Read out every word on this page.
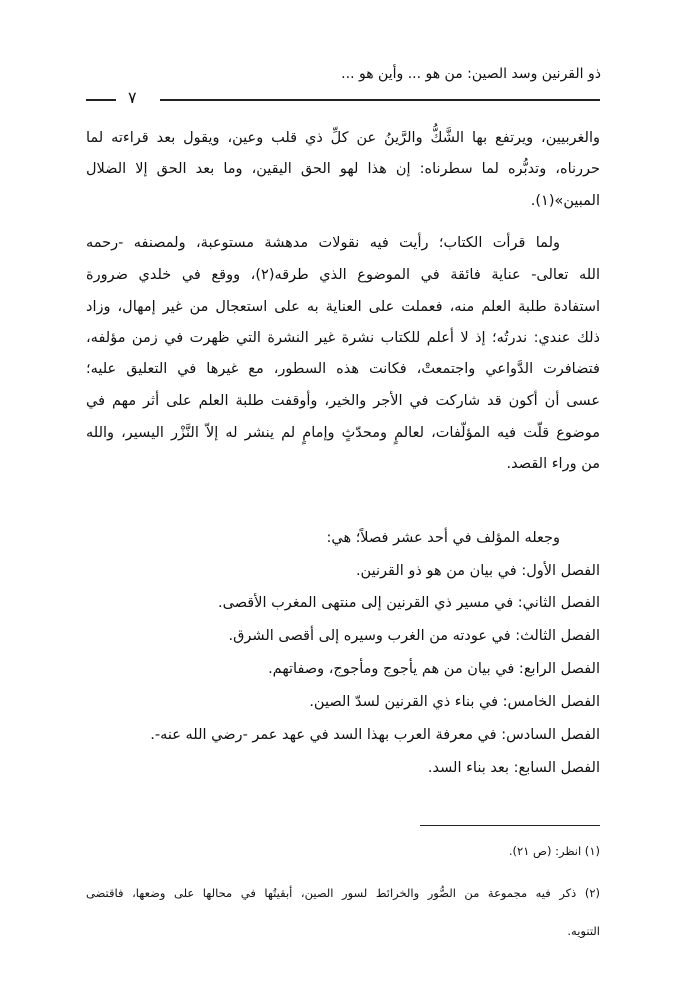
ذو القرنين وسد الصين: من هو ... وأين هو ...
٧
والغربيين، ويرتفع بها الشَّكُّ والرَّينُ عن كلِّ ذي قلب وعين، ويقول بعد قراءته لما
حررناه، وتدبُّره لما سطرناه: إن هذا لهو الحق اليقين، وما بعد الحق إلا الضلال
المبين»(١).
ولما قرأت الكتاب؛ رأيت فيه نقولات مدهشة مستوعبة، ولمصنفه -رحمه
الله تعالى- عناية فائقة في الموضوع الذي طرقه(٢)، ووقع في خلدي ضرورة
استفادة طلبة العلم منه، فعملت على العناية به على استعجال من غير إمهال، وزاد
ذلك عندي: ندرتُه؛ إذ لا أعلم للكتاب نشرة غير النشرة التي ظهرت في زمن مؤلفه،
فتضافرت الدَّواعي واجتمعتْ، فكانت هذه السطور، مع غيرها في التعليق عليه؛
عسى أن أكون قد شاركت في الأجر والخير، وأوقفت طلبة العلم على أثر مهم في
موضوع قلّت فيه المؤلّفات، لعالمٍ ومحدّثٍ وإمامٍ لم ينشر له إلاّ النَّزْر اليسير، والله
من وراء القصد.
وجعله المؤلف في أحد عشر فصلاً؛ هي:
الفصل الأول: في بيان من هو ذو القرنين.
الفصل الثاني: في مسير ذي القرنين إلى منتهى المغرب الأقصى.
الفصل الثالث: في عودته من الغرب وسيره إلى أقصى الشرق.
الفصل الرابع: في بيان من هم يأجوج ومأجوج، وصفاتهم.
الفصل الخامس: في بناء ذي القرنين لسدّ الصين.
الفصل السادس: في معرفة العرب بهذا السد في عهد عمر -رضي الله عنه-.
الفصل السابع: بعد بناء السد.
(١) انظر: (ص ٢١).
(٢) ذكر فيه مجموعة من الصُّور والخرائط لسور الصين، أبقيتُها في محالها على وضعها، فاقتضى
التنويه.
